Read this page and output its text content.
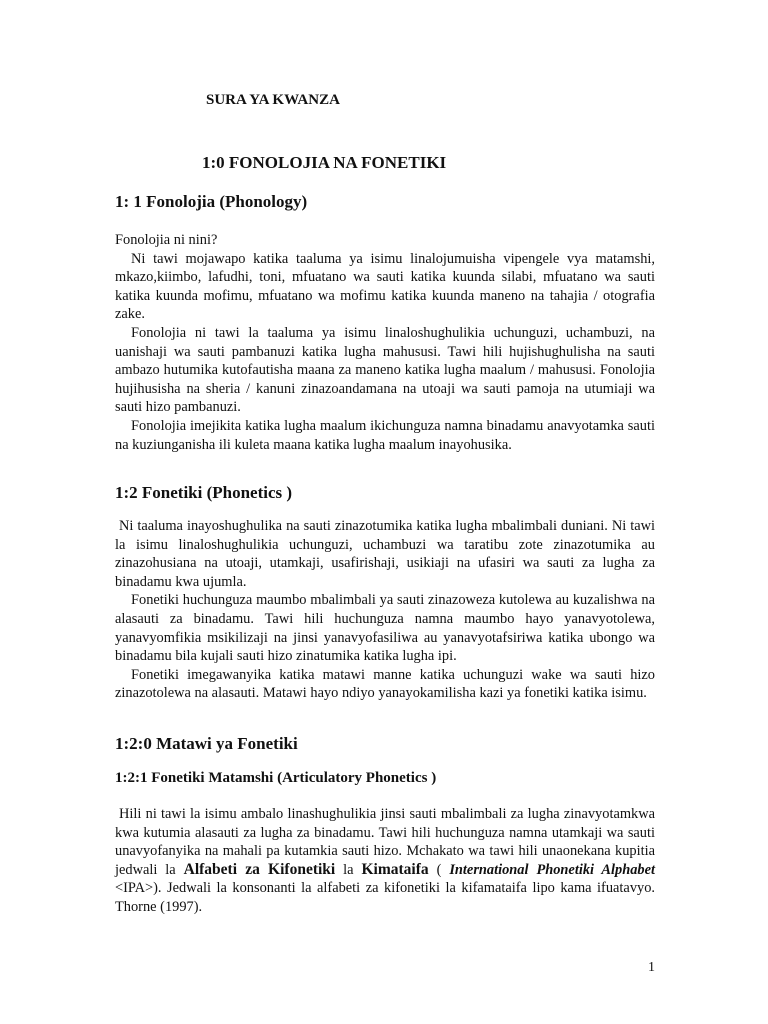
SURA YA KWANZA
1:0 FONOLOJIA NA FONETIKI
1: 1 Fonolojia (Phonology)

Fonolojia ni nini?

Ni tawi mojawapo katika taaluma ya isimu linalojumuisha vipengele vya matamshi, mkazo,kiimbo, lafudhi, toni, mfuatano wa sauti katika kuunda silabi, mfuatano wa sauti katika kuunda mofimu, mfuatano wa mofimu katika kuunda maneno na tahajia / otografia zake.

Fonolojia ni tawi la taaluma ya isimu linaloshughulikia uchunguzi, uchambuzi, na uanishaji wa sauti pambanuzi katika lugha mahususi. Tawi hili hujishughulisha na sauti ambazo hutumika kutofautisha maana za maneno katika lugha maalum / mahususi. Fonolojia hujihusisha na sheria / kanuni zinazoandamana na utoaji wa sauti pamoja na utumiaji wa sauti hizo pambanuzi.

Fonolojia imejikita katika lugha maalum ikichunguza namna binadamu anavyotamka sauti na kuziunganisha ili kuleta maana katika lugha maalum inayohusika.

1:2 Fonetiki (Phonetics )

Ni taaluma inayoshughulika na sauti zinazotumika katika lugha mbalimbali duniani. Ni tawi la isimu linaloshughulikia uchunguzi, uchambuzi wa taratibu zote zinazotumika au zinazohusiana na utoaji, utamkaji, usafirishaji, usikiaji na ufasiri wa sauti za lugha za binadamu kwa ujumla.

Fonetiki huchunguza maumbo mbalimbali ya sauti zinazoweza kutolewa au kuzalishwa na alasauti za binadamu. Tawi hili huchunguza namna maumbo hayo yanavyotolewa, yanavyomfikia msikilizaji na jinsi yanavyofasiliwa au yanavyotafsiriwa katika ubongo wa binadamu bila kujali sauti hizo zinatumika katika lugha ipi.

Fonetiki imegawanyika katika matawi manne katika uchunguzi wake wa sauti hizo zinazotolewa na alasauti. Matawi hayo ndiyo yanayokamilisha kazi ya fonetiki katika isimu.

1:2:0 Matawi ya Fonetiki
1:2:1 Fonetiki Matamshi (Articulatory Phonetics )

Hili ni tawi la isimu ambalo linashughulikia jinsi sauti mbalimbali za lugha zinavyotamkwa kwa kutumia alasauti za lugha za binadamu. Tawi hili huchunguza namna utamkaji wa sauti unavyofanyika na mahali pa kutamkia sauti hizo. Mchakato wa tawi hili unaonekana kupitia jedwali la Alfabeti za Kifonetiki la Kimataifa ( International Phonetiki Alphabet <IPA>). Jedwali la konsonanti la alfabeti za kifonetiki la kifamataifa lipo kama ifuatavyo. Thorne (1997).

1
